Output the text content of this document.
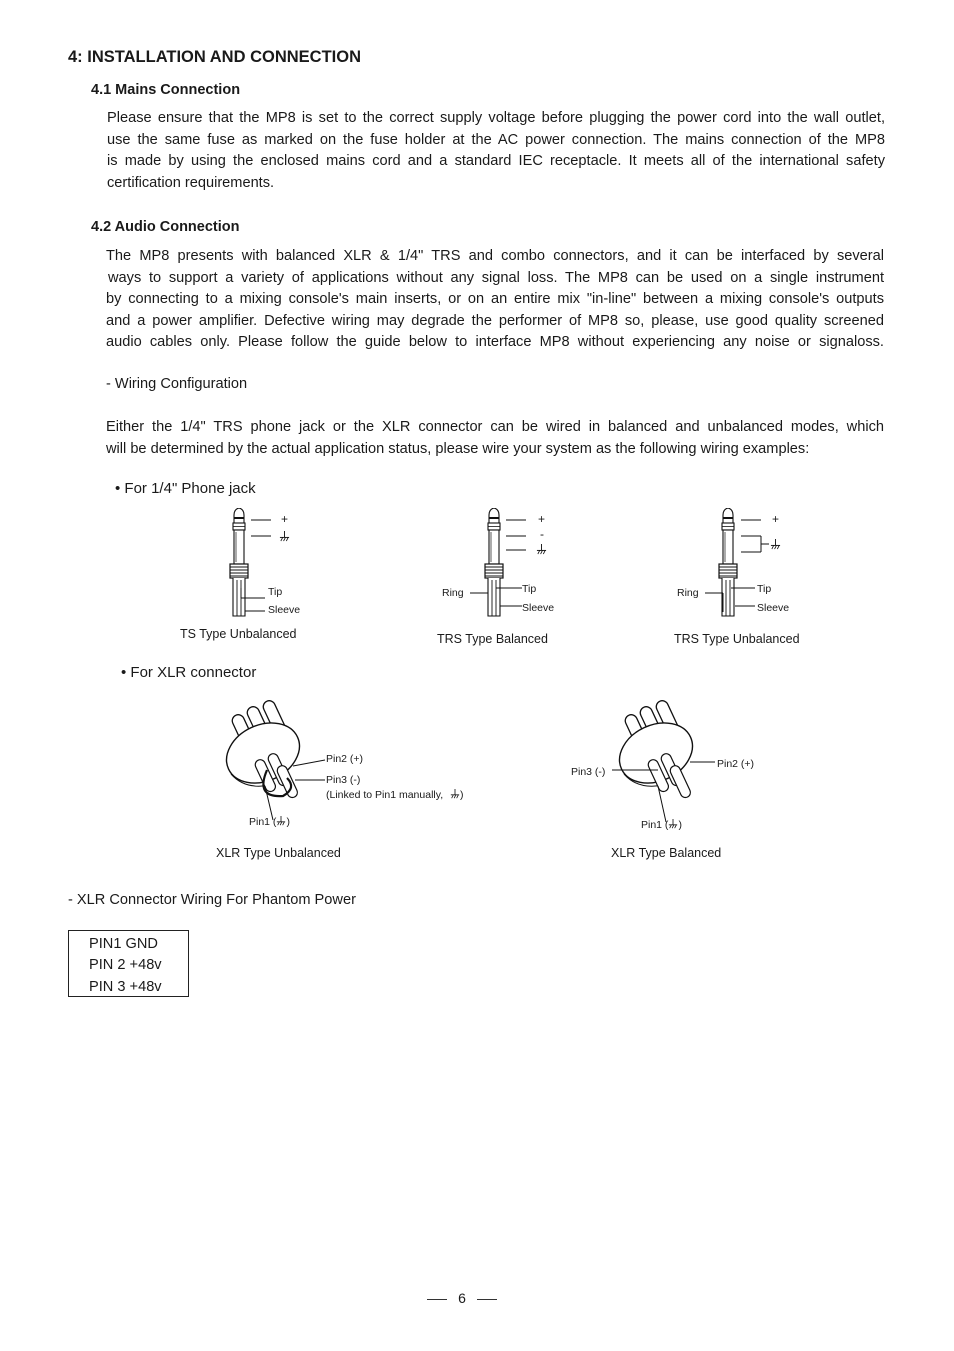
4: INSTALLATION AND CONNECTION
4.1 Mains Connection

Please ensure that the MP8 is set to the correct supply voltage before plugging the power cord into the wall outlet,
use the same fuse as marked on the fuse holder at the AC power connection. The mains connection of the MP8
is made by using the enclosed mains cord and a standard IEC receptacle. It meets all of the international safety
certification requirements.

4.2 Audio Connection

The MP8 presents with balanced XLR & 1/4" TRS and combo connectors, and it can be interfaced by several
ways to support a variety of applications without any signal loss. The MP8 can be used on a single instrument
by connecting to a mixing console's main inserts, or on an entire mix "in-line" between a mixing console's outputs
and a power amplifier. Defective wiring may degrade the performer of MP8 so, please, use good quality screened
audio cables only. Please follow the guide below to interface MP8 without experiencing any noise or signaloss.

- Wiring Configuration

Either the 1/4" TRS phone jack or the XLR connector can be wired in balanced and unbalanced modes, which
will be determined by the actual application status, please wire your system as the following wiring examples:

• For 1/4" Phone jack
+
Tip
Sleeve
TS Type Unbalanced
+
-
Ring	Tip
Sleeve
TRS Type Balanced
+
Ring	Tip
Sleeve
TRS Type Unbalanced
• For XLR connector
Pin2 (+)
Pin3 (-)
(Linked to Pin1 manually, )
Pin1 ( )
XLR Type Unbalanced
Pin3 (-)
Pin2 (+)
Pin1 ( )
XLR Type Balanced
- XLR Connector Wiring For Phantom Power
PIN1 GND
PIN 2 +48v
PIN 3 +48v
6
